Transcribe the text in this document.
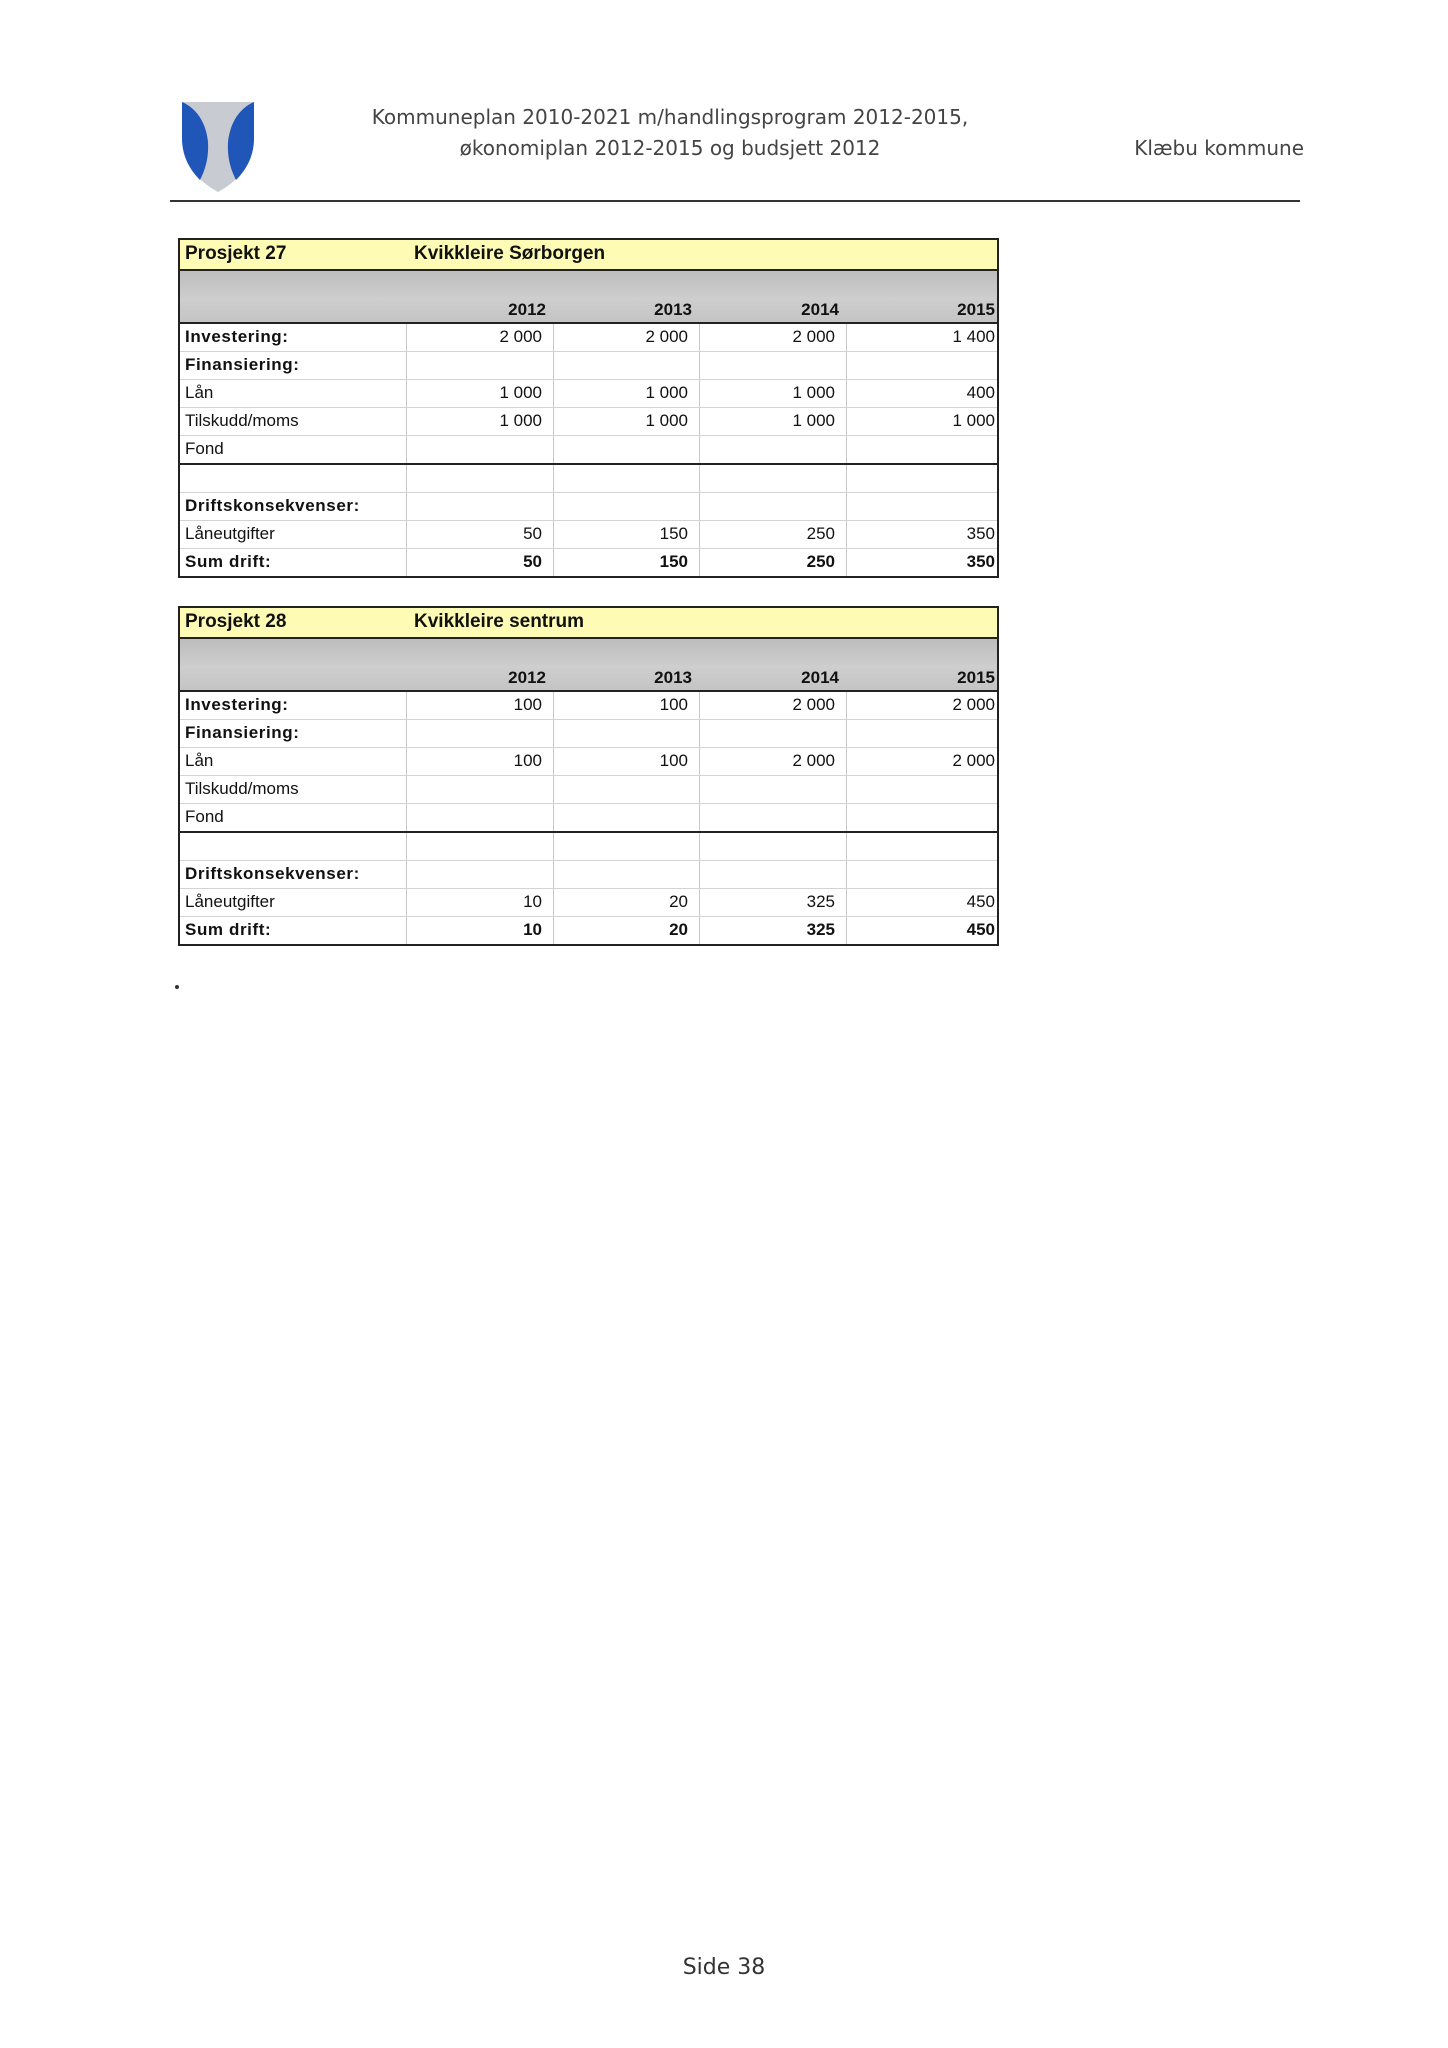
Kommuneplan 2010-2021 m/handlingsprogram 2012-2015,
økonomiplan 2012-2015 og budsjett 2012	Klæbu kommune
Prosjekt 27	Kvikkleire Sørborgen
2012	2013	2014	2015
Investering:	2 000	2 000	2 000	1 400
Finansiering:
Lån	1 000	1 000	1 000	400
Tilskudd/moms	1 000	1 000	1 000	1 000
Fond
Driftskonsekvenser:
Låneutgifter	50	150	250	350
Sum drift:	50	150	250	350
Prosjekt 28	Kvikkleire sentrum
2012	2013	2014	2015
Investering:	100	100	2 000	2 000
Finansiering:
Lån	100	100	2 000	2 000
Tilskudd/moms
Fond
Driftskonsekvenser:
Låneutgifter	10	20	325	450
Sum drift:	10	20	325	450
Side 38
